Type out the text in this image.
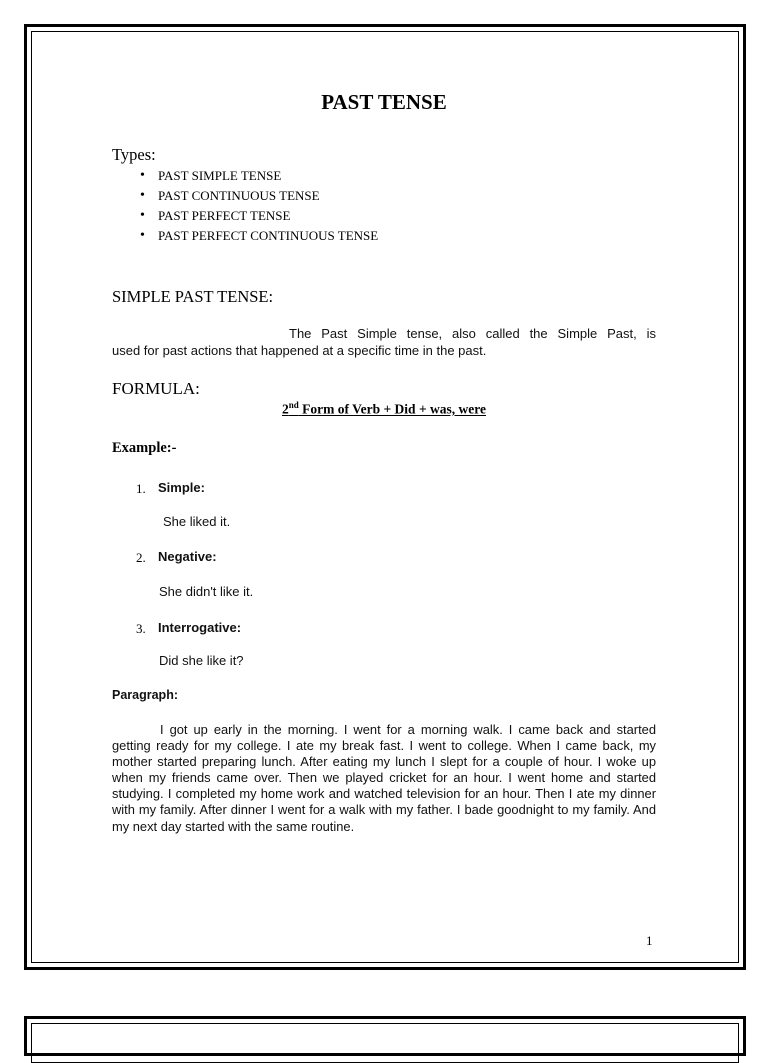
PAST TENSE
Types:
• PAST SIMPLE TENSE
• PAST CONTINUOUS TENSE
• PAST PERFECT TENSE
• PAST PERFECT CONTINUOUS TENSE
SIMPLE PAST TENSE:
The Past Simple tense, also called the Simple Past, is
used for past actions that happened at a specific time in the past.
FORMULA:
2nd Form of Verb + Did + was, were
Example:-
1. Simple:
She liked it.
2. Negative:
She didn't like it.
3. Interrogative:
Did she like it?
Paragraph:

I got up early in the morning. I went for a morning walk. I came back and started getting ready for my college. I ate my break fast. I went to college. When I came back, my mother started preparing lunch. After eating my lunch I slept for a couple of hour. I woke up when my friends came over. Then we played cricket for an hour. I went home and started studying. I completed my home work and watched television for an hour. Then I ate my dinner with my family. After dinner I went for a walk with my father. I bade goodnight to my family. And my next day started with the same routine.

1
